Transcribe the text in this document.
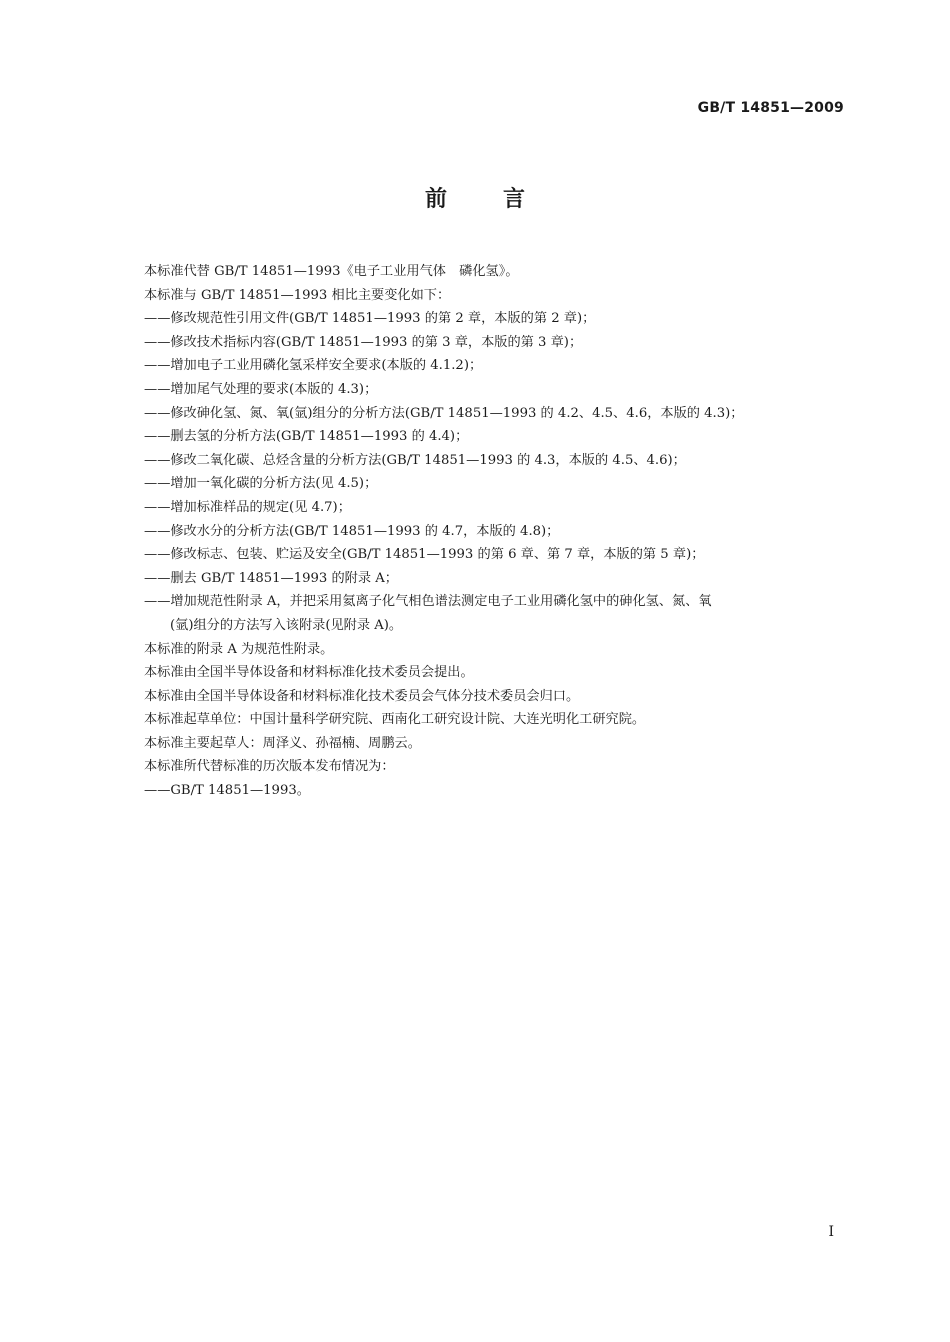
GB/T 14851—2009
前言
本标准代替 GB/T 14851—1993《电子工业用气体　磷化氢》。
本标准与 GB/T 14851—1993 相比主要变化如下：
——修改规范性引用文件(GB/T 14851—1993 的第 2 章，本版的第 2 章)；
——修改技术指标内容(GB/T 14851—1993 的第 3 章，本版的第 3 章)；
——增加电子工业用磷化氢采样安全要求(本版的 4.1.2)；
——增加尾气处理的要求(本版的 4.3)；
——修改砷化氢、氮、氧(氩)组分的分析方法(GB/T 14851—1993 的 4.2、4.5、4.6，本版的 4.3)；
——删去氢的分析方法(GB/T 14851—1993 的 4.4)；
——修改二氧化碳、总烃含量的分析方法(GB/T 14851—1993 的 4.3，本版的 4.5、4.6)；
——增加一氧化碳的分析方法(见 4.5)；
——增加标准样品的规定(见 4.7)；
——修改水分的分析方法(GB/T 14851—1993 的 4.7，本版的 4.8)；
——修改标志、包装、贮运及安全(GB/T 14851—1993 的第 6 章、第 7 章，本版的第 5 章)；
——删去 GB/T 14851—1993 的附录 A；
——增加规范性附录 A，并把采用氦离子化气相色谱法测定电子工业用磷化氢中的砷化氢、氮、氧
(氩)组分的方法写入该附录(见附录 A)。
本标准的附录 A 为规范性附录。
本标准由全国半导体设备和材料标准化技术委员会提出。
本标准由全国半导体设备和材料标准化技术委员会气体分技术委员会归口。
本标准起草单位：中国计量科学研究院、西南化工研究设计院、大连光明化工研究院。
本标准主要起草人：周泽义、孙福楠、周鹏云。
本标准所代替标准的历次版本发布情况为：
——GB/T 14851—1993。
I
